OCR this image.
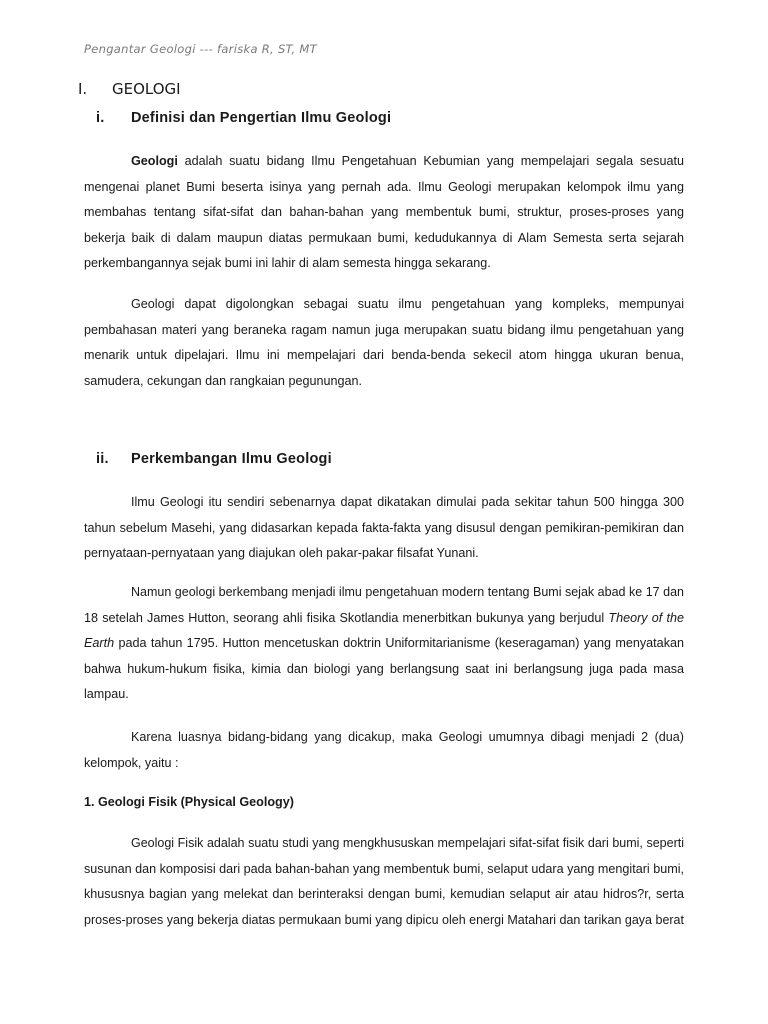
Pengantar Geologi --- fariska R, ST, MT
I.	GEOLOGI
i.	Definisi dan Pengertian Ilmu Geologi
Geologi adalah suatu bidang Ilmu Pengetahuan Kebumian yang mempelajari segala sesuatu
mengenai planet Bumi beserta isinya yang pernah ada. Ilmu Geologi merupakan kelompok ilmu yang
membahas tentang sifat-sifat dan bahan-bahan yang membentuk bumi, struktur, proses-proses yang
bekerja baik di dalam maupun diatas permukaan bumi, kedudukannya di Alam Semesta serta sejarah
perkembangannya sejak bumi ini lahir di alam semesta hingga sekarang.
Geologi dapat digolongkan sebagai suatu ilmu pengetahuan yang kompleks, mempunyai
pembahasan materi yang beraneka ragam namun juga merupakan suatu bidang ilmu pengetahuan yang
menarik untuk dipelajari. Ilmu ini mempelajari dari benda-benda sekecil atom hingga ukuran benua,
samudera, cekungan dan rangkaian pegunungan.
ii.	Perkembangan Ilmu Geologi
Ilmu Geologi itu sendiri sebenarnya dapat dikatakan dimulai pada sekitar tahun 500 hingga 300
tahun sebelum Masehi, yang didasarkan kepada fakta-fakta yang disusul dengan pemikiran-pemikiran dan
pernyataan-pernyataan yang diajukan oleh pakar-pakar filsafat Yunani.
Namun geologi berkembang menjadi ilmu pengetahuan modern tentang Bumi sejak abad ke 17 dan
18 setelah James Hutton, seorang ahli fisika Skotlandia menerbitkan bukunya yang berjudul Theory of the
Earth pada tahun 1795. Hutton mencetuskan doktrin Uniformitarianisme (keseragaman) yang menyatakan
bahwa hukum-hukum fisika, kimia dan biologi yang berlangsung saat ini berlangsung juga pada masa
lampau.
Karena luasnya bidang-bidang yang dicakup, maka Geologi umumnya dibagi menjadi 2 (dua)
kelompok, yaitu :
1. Geologi Fisik (Physical Geology)
Geologi Fisik adalah suatu studi yang mengkhususkan mempelajari sifat-sifat fisik dari bumi, seperti
susunan dan komposisi dari pada bahan-bahan yang membentuk bumi, selaput udara yang mengitari bumi,
khususnya bagian yang melekat dan berinteraksi dengan bumi, kemudian selaput air atau hidros?r, serta
proses-proses yang bekerja diatas permukaan bumi yang dipicu oleh energi Matahari dan tarikan gaya berat
